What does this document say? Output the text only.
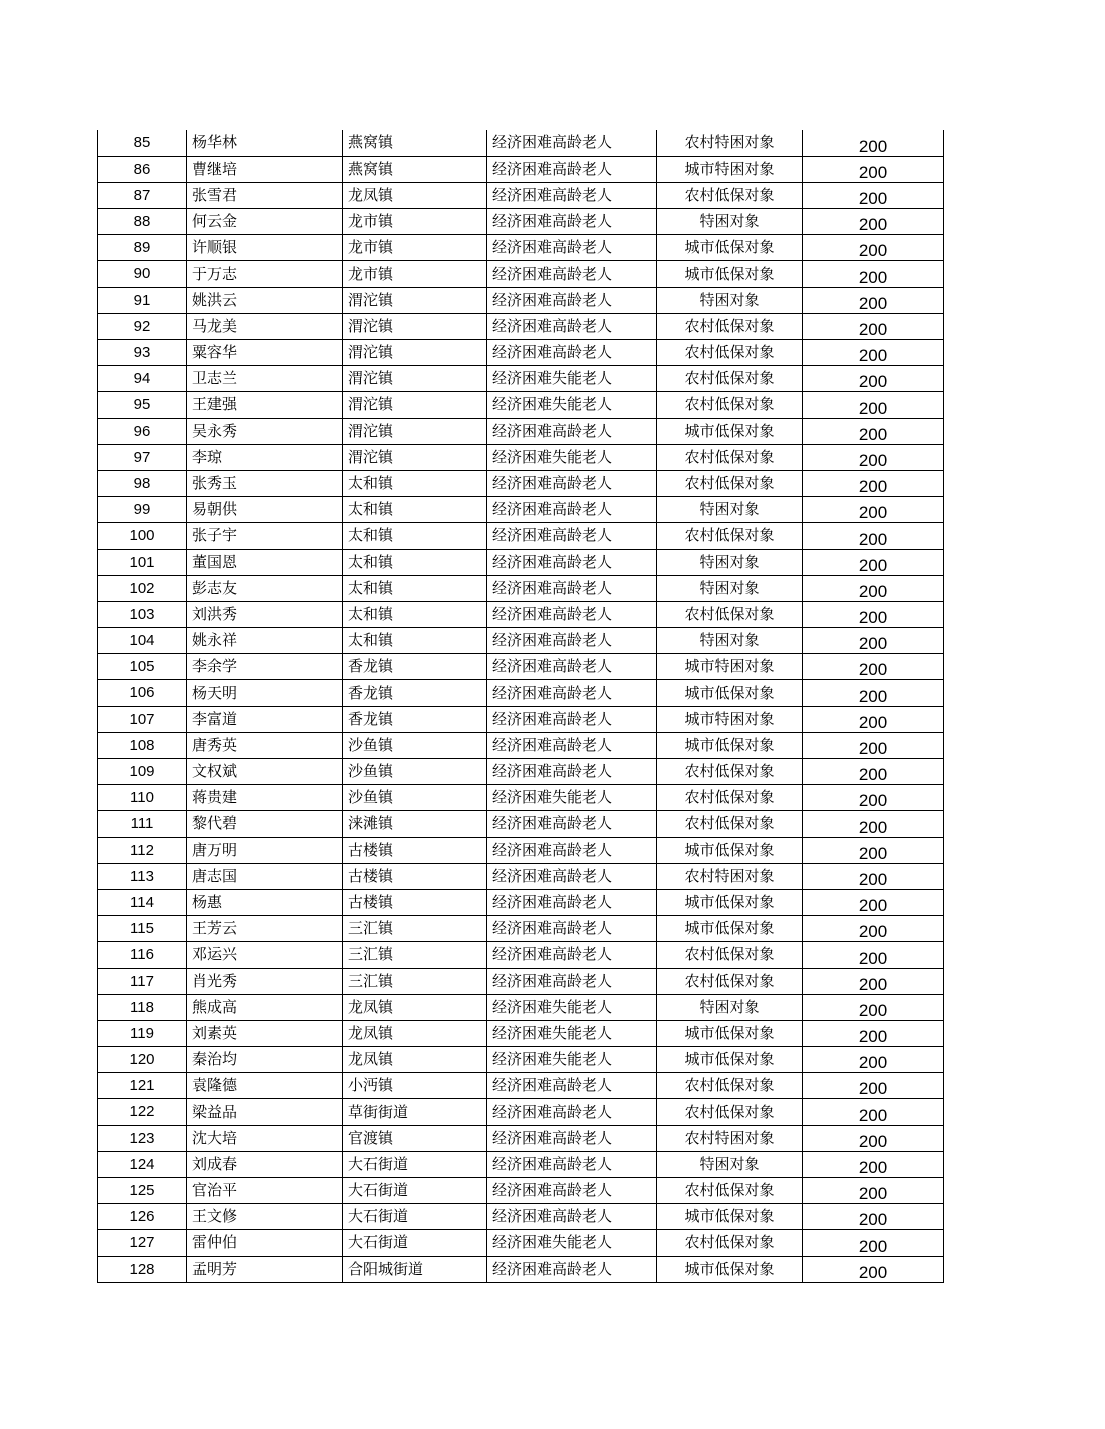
85	杨华林	燕窝镇	经济困难高龄老人	农村特困对象	200
86	曹继培	燕窝镇	经济困难高龄老人	城市特困对象	200
87	张雪君	龙凤镇	经济困难高龄老人	农村低保对象	200
88	何云金	龙市镇	经济困难高龄老人	特困对象	200
89	许顺银	龙市镇	经济困难高龄老人	城市低保对象	200
90	于万志	龙市镇	经济困难高龄老人	城市低保对象	200
91	姚洪云	渭沱镇	经济困难高龄老人	特困对象	200
92	马龙美	渭沱镇	经济困难高龄老人	农村低保对象	200
93	粟容华	渭沱镇	经济困难高龄老人	农村低保对象	200
94	卫志兰	渭沱镇	经济困难失能老人	农村低保对象	200
95	王建强	渭沱镇	经济困难失能老人	农村低保对象	200
96	吴永秀	渭沱镇	经济困难高龄老人	城市低保对象	200
97	李琼	渭沱镇	经济困难失能老人	农村低保对象	200
98	张秀玉	太和镇	经济困难高龄老人	农村低保对象	200
99	易朝供	太和镇	经济困难高龄老人	特困对象	200
100	张子宇	太和镇	经济困难高龄老人	农村低保对象	200
101	董国恩	太和镇	经济困难高龄老人	特困对象	200
102	彭志友	太和镇	经济困难高龄老人	特困对象	200
103	刘洪秀	太和镇	经济困难高龄老人	农村低保对象	200
104	姚永祥	太和镇	经济困难高龄老人	特困对象	200
105	李余学	香龙镇	经济困难高龄老人	城市特困对象	200
106	杨天明	香龙镇	经济困难高龄老人	城市低保对象	200
107	李富道	香龙镇	经济困难高龄老人	城市特困对象	200
108	唐秀英	沙鱼镇	经济困难高龄老人	城市低保对象	200
109	文权斌	沙鱼镇	经济困难高龄老人	农村低保对象	200
110	蒋贵建	沙鱼镇	经济困难失能老人	农村低保对象	200
111	黎代碧	涞滩镇	经济困难高龄老人	农村低保对象	200
112	唐万明	古楼镇	经济困难高龄老人	城市低保对象	200
113	唐志国	古楼镇	经济困难高龄老人	农村特困对象	200
114	杨惠	古楼镇	经济困难高龄老人	城市低保对象	200
115	王芳云	三汇镇	经济困难高龄老人	城市低保对象	200
116	邓运兴	三汇镇	经济困难高龄老人	农村低保对象	200
117	肖光秀	三汇镇	经济困难高龄老人	农村低保对象	200
118	熊成高	龙凤镇	经济困难失能老人	特困对象	200
119	刘素英	龙凤镇	经济困难失能老人	城市低保对象	200
120	秦治均	龙凤镇	经济困难失能老人	城市低保对象	200
121	袁隆德	小沔镇	经济困难高龄老人	农村低保对象	200
122	梁益品	草街街道	经济困难高龄老人	农村低保对象	200
123	沈大培	官渡镇	经济困难高龄老人	农村特困对象	200
124	刘成春	大石街道	经济困难高龄老人	特困对象	200
125	官治平	大石街道	经济困难高龄老人	农村低保对象	200
126	王文修	大石街道	经济困难高龄老人	城市低保对象	200
127	雷仲伯	大石街道	经济困难失能老人	农村低保对象	200
128	孟明芳	合阳城街道	经济困难高龄老人	城市低保对象	200
